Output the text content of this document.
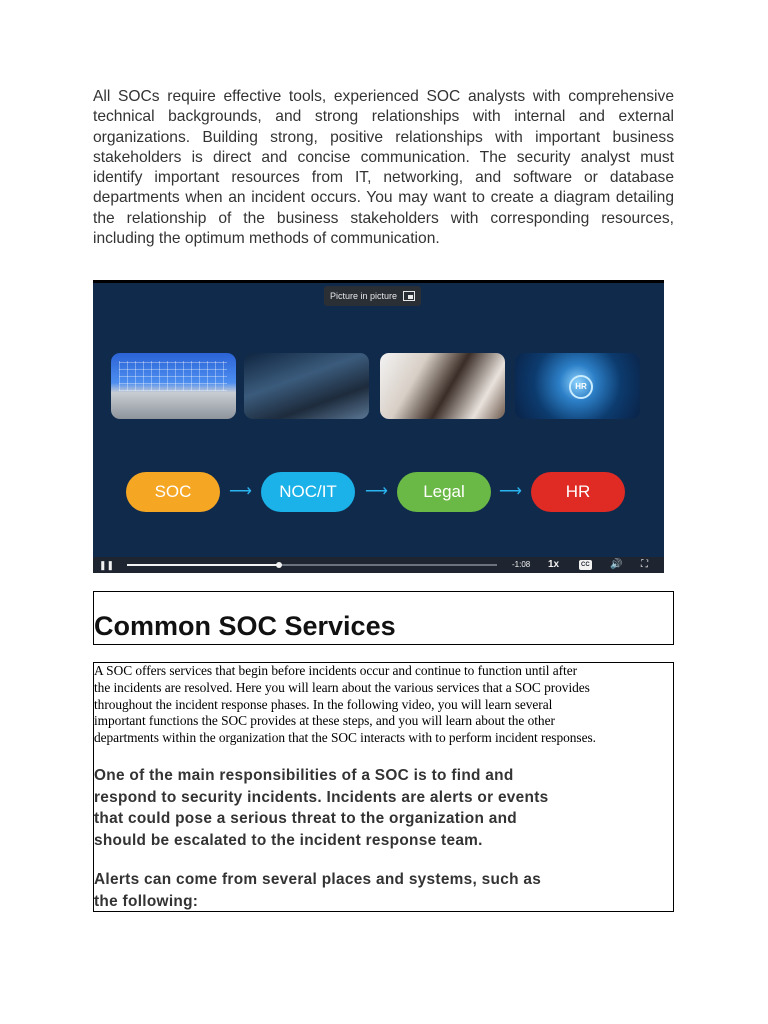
All SOCs require effective tools, experienced SOC analysts with comprehensive technical backgrounds, and strong relationships with internal and external organizations. Building strong, positive relationships with important business stakeholders is direct and concise communication. The security analyst must identify important resources from IT, networking, and software or database departments when an incident occurs. You may want to create a diagram detailing the relationship of the business stakeholders with corresponding resources, including the optimum methods of communication.

Picture in picture
HR
SOC	⟶	NOC/IT	⟶	Legal	⟶	HR
❚❚	-1:08 1x	CC 🔊 ⛶
Common SOC Services

A SOC offers services that begin before incidents occur and continue to function until after
the incidents are resolved. Here you will learn about the various services that a SOC provides
throughout the incident response phases. In the following video, you will learn several
important functions the SOC provides at these steps, and you will learn about the other
departments within the organization that the SOC interacts with to perform incident responses.

One of the main responsibilities of a SOC is to find and
respond to security incidents. Incidents are alerts or events
that could pose a serious threat to the organization and
should be escalated to the incident response team.

Alerts can come from several places and systems, such as
the following:
